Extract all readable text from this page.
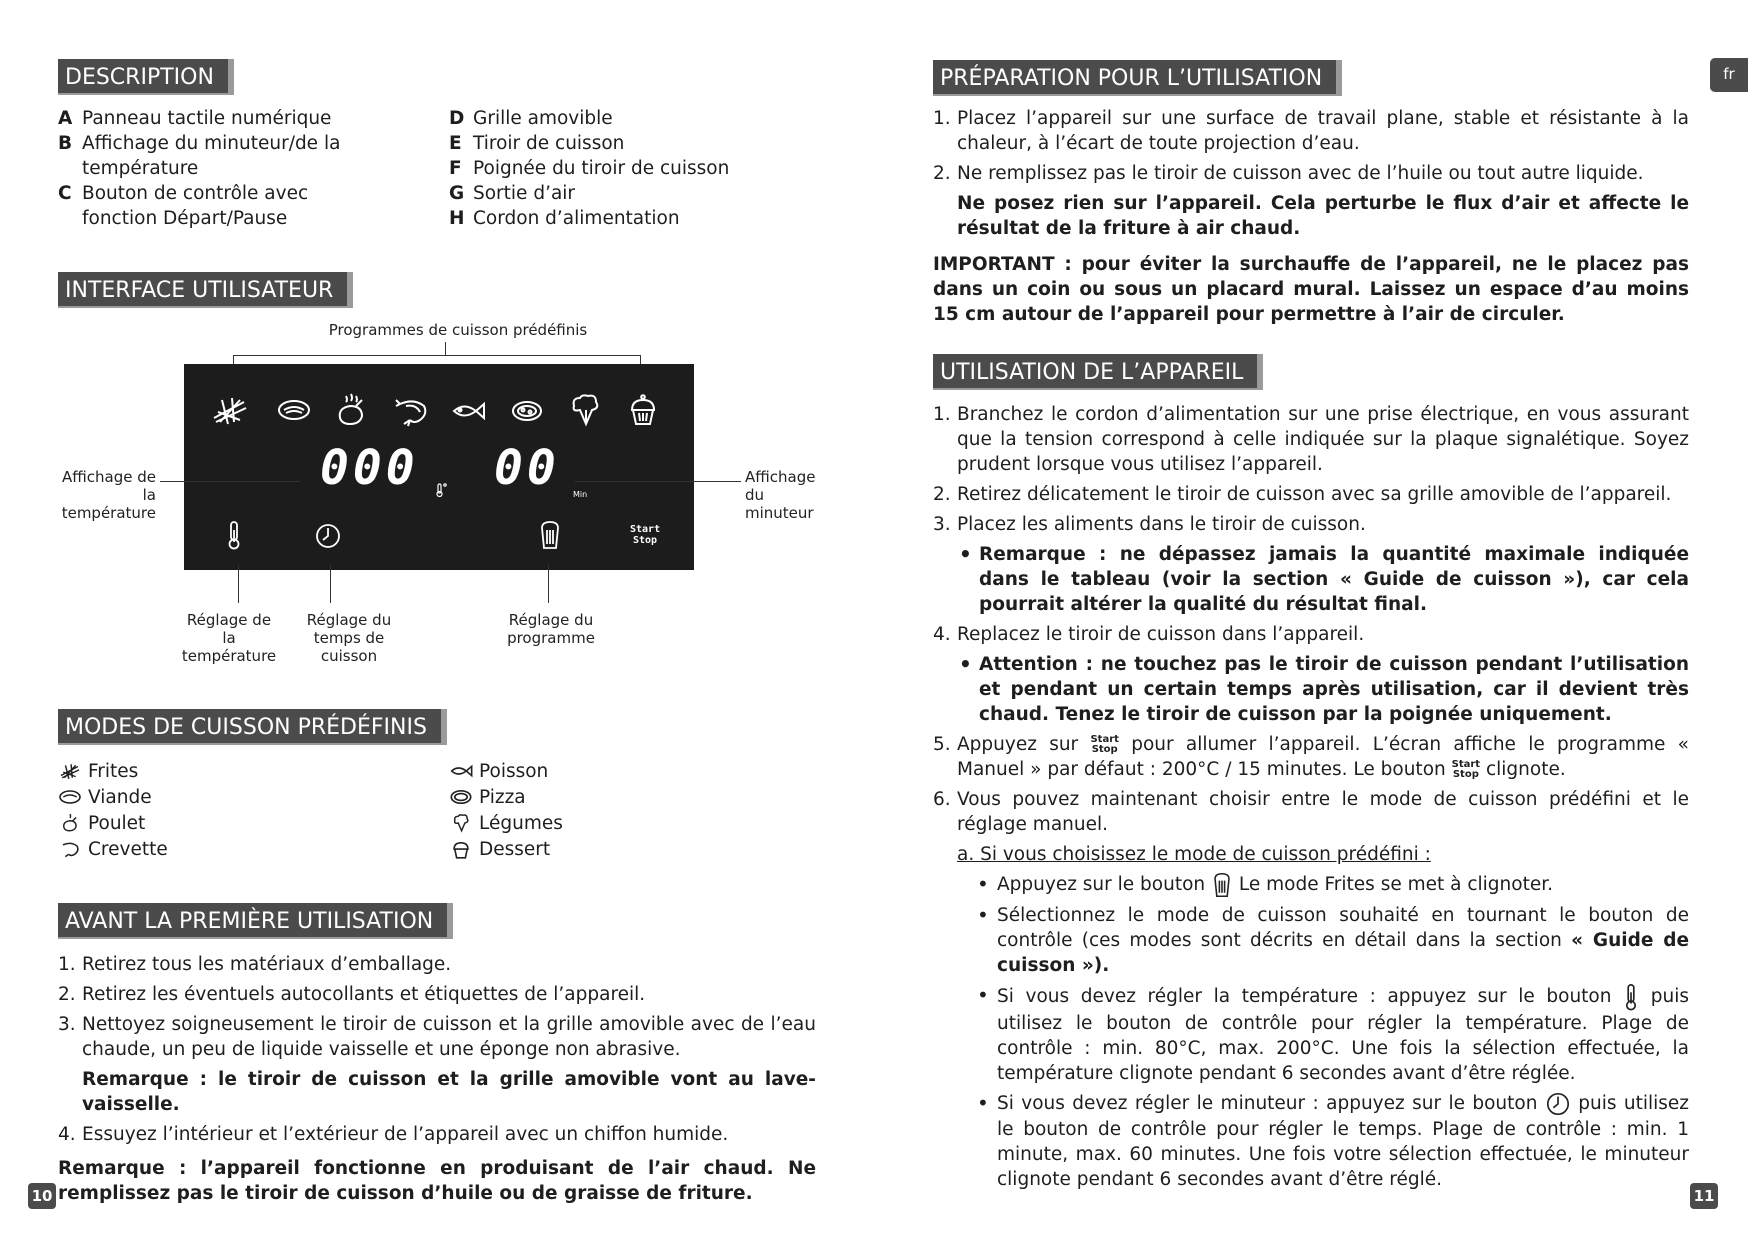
DESCRIPTION
A Panneau tactile numérique
B Affichage du minuteur/de la température
C Bouton de contrôle avec fonction Départ/Pause
D Grille amovible
E Tiroir de cuisson
F Poignée du tiroir de cuisson
G Sortie d’air
H Cordon d’alimentation
INTERFACE UTILISATEUR
Programmes de cuisson prédéfinis
000 00 Min
Start
Stop
Affichage de la température
Affichage du minuteur
Réglage de la température
Réglage du temps de cuisson
Réglage du programme
MODES DE CUISSON PRÉDÉFINIS
Frites
Viande
Poulet
Crevette
Poisson
Pizza
Légumes
Dessert
AVANT LA PREMIÈRE UTILISATION
1. Retirez tous les matériaux d’emballage.
2. Retirez les éventuels autocollants et étiquettes de l’appareil.
3. Nettoyez soigneusement le tiroir de cuisson et la grille amovible avec de l’eau chaude, un peu de liquide vaisselle et une éponge non abrasive.
Remarque : le tiroir de cuisson et la grille amovible vont au lave-vaisselle.
4. Essuyez l’intérieur et l’extérieur de l’appareil avec un chiffon humide.
Remarque : l’appareil fonctionne en produisant de l’air chaud. Ne remplissez pas le tiroir de cuisson d’huile ou de graisse de friture.
10
fr
PRÉPARATION POUR L’UTILISATION
1. Placez l’appareil sur une surface de travail plane, stable et résistante à la chaleur, à l’écart de toute projection d’eau.
2. Ne remplissez pas le tiroir de cuisson avec de l’huile ou tout autre liquide.
Ne posez rien sur l’appareil. Cela perturbe le flux d’air et affecte le résultat de la friture à air chaud.
IMPORTANT : pour éviter la surchauffe de l’appareil, ne le placez pas dans un coin ou sous un placard mural. Laissez un espace d’au moins 15 cm autour de l’appareil pour permettre à l’air de circuler.
UTILISATION DE L’APPAREIL
1. Branchez le cordon d’alimentation sur une prise électrique, en vous assurant que la tension correspond à celle indiquée sur la plaque signalétique. Soyez prudent lorsque vous utilisez l’appareil.
2. Retirez délicatement le tiroir de cuisson avec sa grille amovible de l’appareil.
3. Placez les aliments dans le tiroir de cuisson.
• Remarque : ne dépassez jamais la quantité maximale indiquée dans le tableau (voir la section « Guide de cuisson »), car cela pourrait altérer la qualité du résultat final.
4. Replacez le tiroir de cuisson dans l’appareil.
• Attention : ne touchez pas le tiroir de cuisson pendant l’utilisation et pendant un certain temps après utilisation, car il devient très chaud. Tenez le tiroir de cuisson par la poignée uniquement.
5. Appuyez sur Start
Stop pour allumer l’appareil. L’écran affiche le programme « Manuel » par défaut : 200°C / 15 minutes. Le bouton Start
Stop clignote.
6. Vous pouvez maintenant choisir entre le mode de cuisson prédéfini et le réglage manuel.
a. Si vous choisissez le mode de cuisson prédéfini :
• Appuyez sur le bouton Le mode Frites se met à clignoter.
• Sélectionnez le mode de cuisson souhaité en tournant le bouton de contrôle (ces modes sont décrits en détail dans la section « Guide de cuisson »).
• Si vous devez régler la température : appuyez sur le bouton puis utilisez le bouton de contrôle pour régler la température. Plage de contrôle : min. 80°C, max. 200°C. Une fois la sélection effectuée, la température clignote pendant 6 secondes avant d’être réglée.
• Si vous devez régler le minuteur : appuyez sur le bouton puis utilisez le bouton de contrôle pour régler le temps. Plage de contrôle : min. 1 minute, max. 60 minutes. Une fois votre sélection effectuée, le minuteur clignote pendant 6 secondes avant d’être réglé.
11
